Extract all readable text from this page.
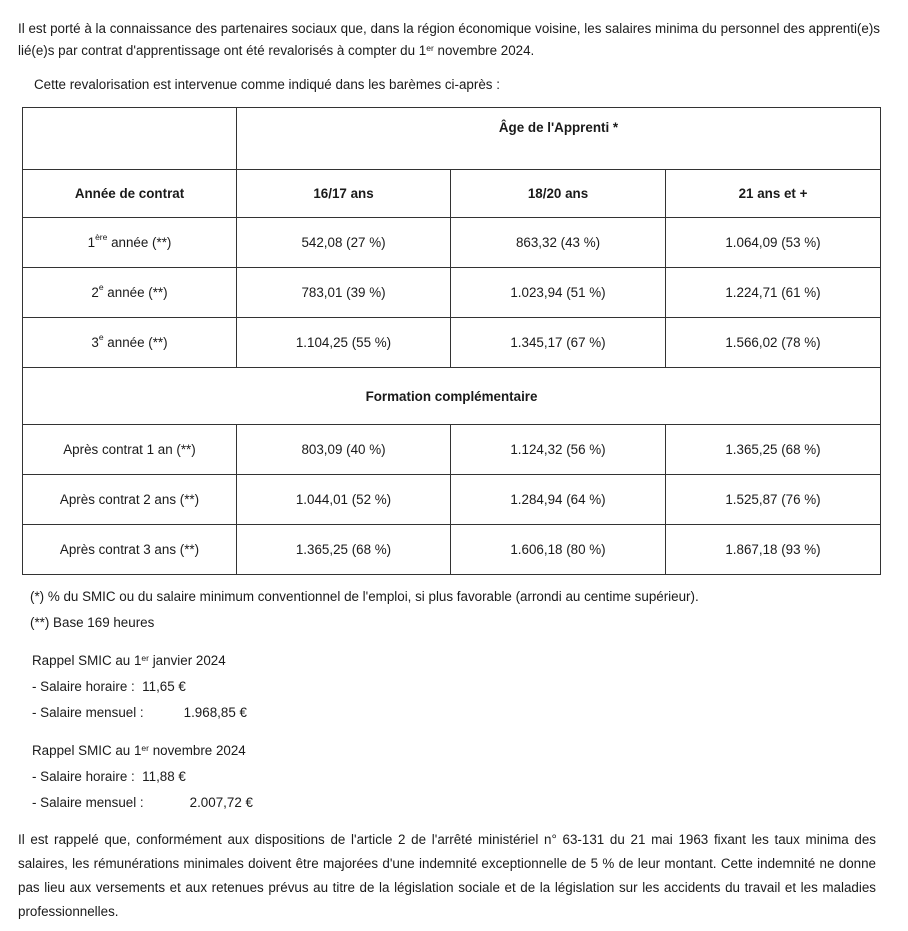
Il est porté à la connaissance des partenaires sociaux que, dans la région économique voisine, les salaires minima du personnel des apprenti(e)s lié(e)s par contrat d'apprentissage ont été revalorisés à compter du 1er novembre 2024.
Cette revalorisation est intervenue comme indiqué dans les barèmes ci-après :
	Âge de l'Apprenti *		
Année de contrat	16/17 ans	18/20 ans	21 ans et +
1ère année (**)	542,08 (27 %)	863,32 (43 %)	1.064,09 (53 %)
2e année (**)	783,01 (39 %)	1.023,94 (51 %)	1.224,71 (61 %)
3e année (**)	1.104,25 (55 %)	1.345,17 (67 %)	1.566,02 (78 %)
Formation complémentaire			
Après contrat 1 an (**)	803,09 (40 %)	1.124,32 (56 %)	1.365,25 (68 %)
Après contrat 2 ans (**)	1.044,01 (52 %)	1.284,94 (64 %)	1.525,87 (76 %)
Après contrat 3 ans (**)	1.365,25 (68 %)	1.606,18 (80 %)	1.867,18 (93 %)
(*) % du SMIC ou du salaire minimum conventionnel de l'emploi, si plus favorable (arrondi au centime supérieur).
(**) Base 169 heures
Rappel SMIC au 1er janvier 2024
- Salaire horaire : 11,65 €
- Salaire mensuel :	1.968,85 €
Rappel SMIC au 1er novembre 2024
- Salaire horaire : 11,88 €
- Salaire mensuel :	2.007,72 €
Il est rappelé que, conformément aux dispositions de l'article 2 de l'arrêté ministériel n° 63-131 du 21 mai 1963 fixant les taux minima des salaires, les rémunérations minimales doivent être majorées d'une indemnité exceptionnelle de 5 % de leur montant. Cette indemnité ne donne pas lieu aux versements et aux retenues prévus au titre de la législation sociale et de la législation sur les accidents du travail et les maladies professionnelles.
